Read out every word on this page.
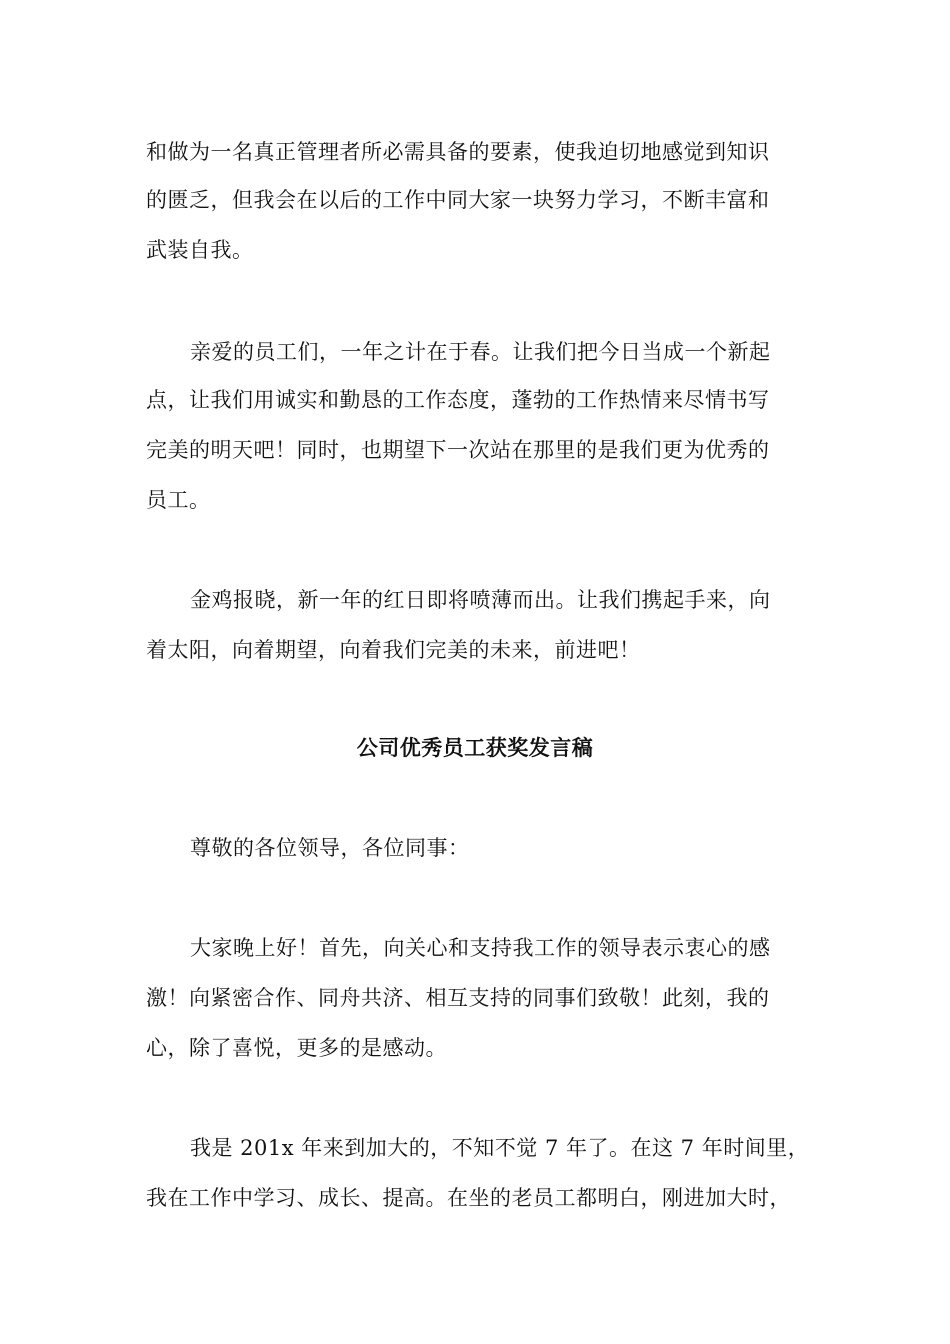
和做为一名真正管理者所必需具备的要素，使我迫切地感觉到知识
的匮乏，但我会在以后的工作中同大家一块努力学习，不断丰富和
武装自我。
亲爱的员工们，一年之计在于春。让我们把今日当成一个新起
点，让我们用诚实和勤恳的工作态度，蓬勃的工作热情来尽情书写
完美的明天吧！同时，也期望下一次站在那里的是我们更为优秀的
员工。
金鸡报晓，新一年的红日即将喷薄而出。让我们携起手来，向
着太阳，向着期望，向着我们完美的未来，前进吧！
公司优秀员工获奖发言稿
尊敬的各位领导，各位同事：
大家晚上好！首先，向关心和支持我工作的领导表示衷心的感
激！向紧密合作、同舟共济、相互支持的同事们致敬！此刻，我的
心，除了喜悦，更多的是感动。
我是 201x 年来到加大的，不知不觉 7 年了。在这 7 年时间里，
我在工作中学习、成长、提高。在坐的老员工都明白，刚进加大时，
